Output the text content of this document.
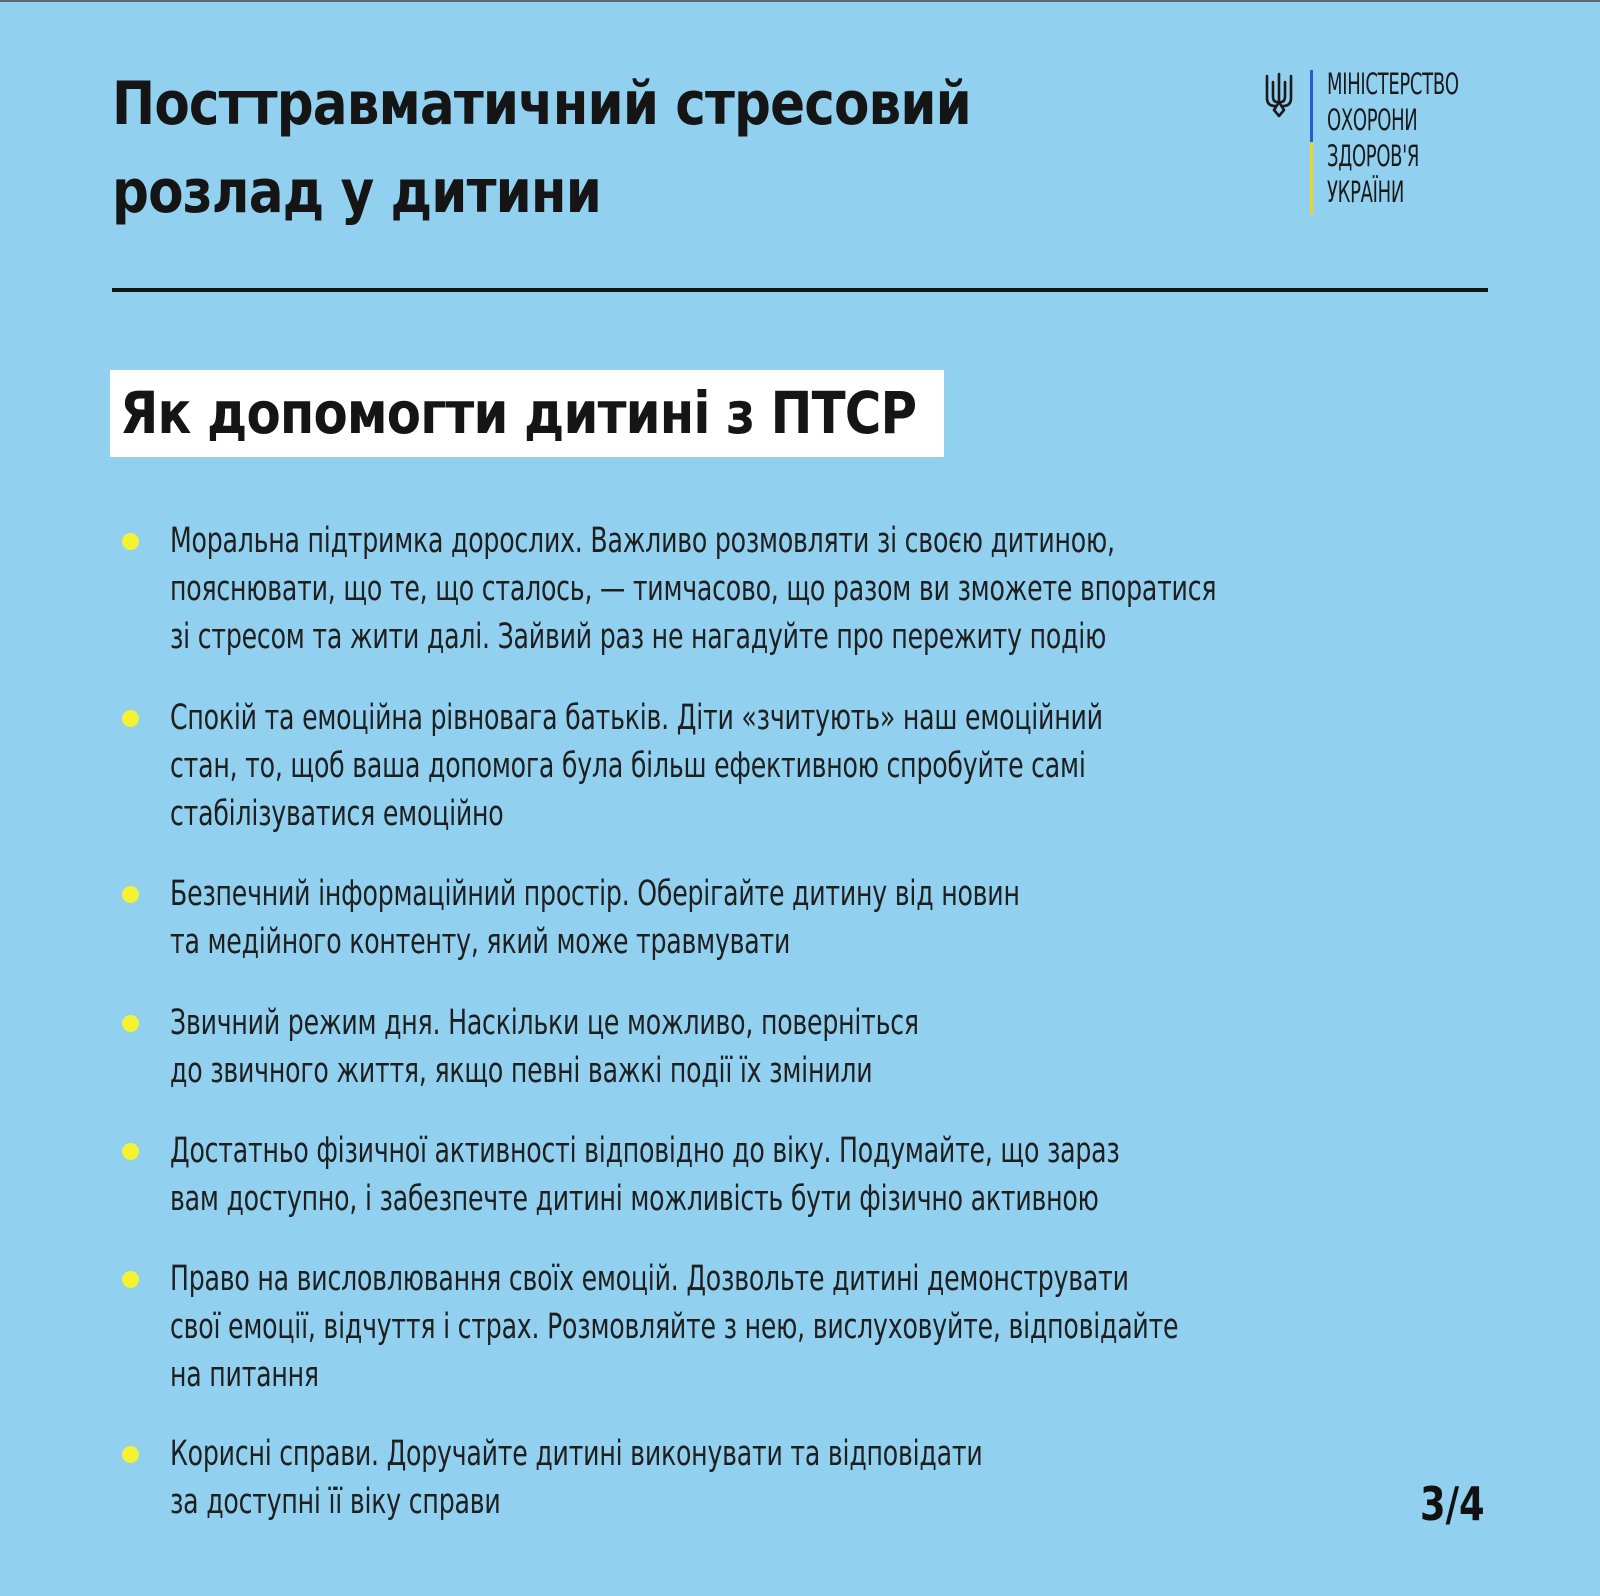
Посттравматичний стресовий
розлад у дитини
МІНІСТЕРСТВО
ОХОРОНИ
ЗДОРОВ'Я
УКРАЇНИ
Як допомогти дитині з ПТСР
Моральна підтримка дорослих. Важливо розмовляти зі своєю дитиною,
пояснювати, що те, що сталось, — тимчасово, що разом ви зможете впоратися
зі стресом та жити далі. Зайвий раз не нагадуйте про пережиту подію
Спокій та емоційна рівновага батьків. Діти «зчитують» наш емоційний
стан, то, щоб ваша допомога була більш ефективною спробуйте самі
стабілізуватися емоційно
Безпечний інформаційний простір. Оберігайте дитину від новин
та медійного контенту, який може травмувати
Звичний режим дня. Наскільки це можливо, поверніться
до звичного життя, якщо певні важкі події їх змінили
Достатньо фізичної активності відповідно до віку. Подумайте, що зараз
вам доступно, і забезпечте дитині можливість бути фізично активною
Право на висловлювання своїх емоцій. Дозвольте дитині демонструвати
свої емоції, відчуття і страх. Розмовляйте з нею, вислуховуйте, відповідайте
на питання
Корисні справи. Доручайте дитині виконувати та відповідати
за доступні її віку справи	3/4
